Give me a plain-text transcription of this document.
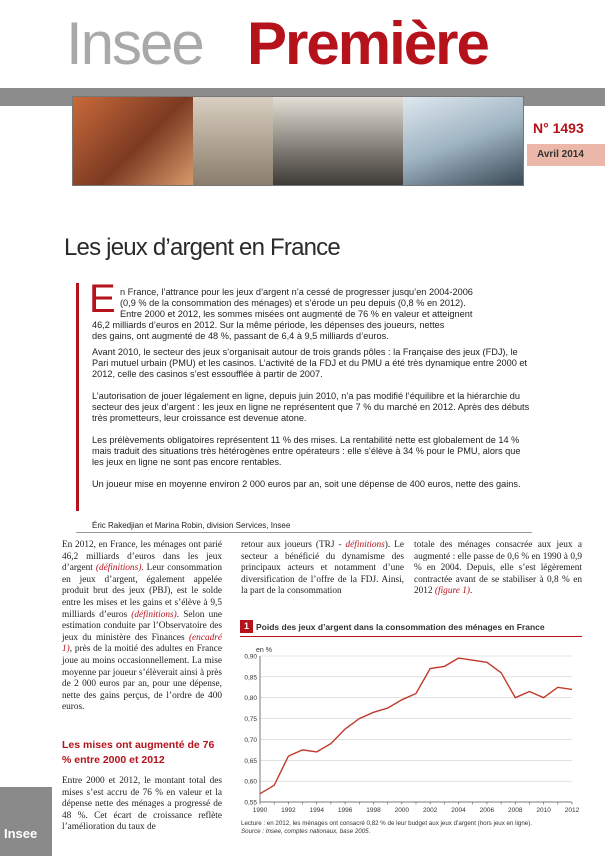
Insee Première
N° 1493
Avril 2014
Les jeux d’argent en France
E n France, l’attrance pour les jeux d’argent n’a cessé de progresser jusqu’en 2004-2006
(0,9 % de la consommation des ménages) et s’érode un peu depuis (0,8 % en 2012).
Entre 2000 et 2012, les sommes misées ont augmenté de 76 % en valeur et atteignent
46,2 milliards d’euros en 2012. Sur la même période, les dépenses des joueurs, nettes
des gains, ont augmenté de 48 %, passant de 6,4 à 9,5 milliards d’euros.
Avant 2010, le secteur des jeux s’organisait autour de trois grands pôles : la Française des jeux (FDJ), le Pari mutuel urbain (PMU) et les casinos. L’activité de la FDJ et du PMU a été très dynamique entre 2000 et 2012, celle des casinos s’est essoufflée à partir de 2007.
L’autorisation de jouer légalement en ligne, depuis juin 2010, n’a pas modifié l’équilibre et la hiérarchie du secteur des jeux d’argent : les jeux en ligne ne représentent que 7 % du marché en 2012. Après des débuts très prometteurs, leur croissance est devenue atone.
Les prélèvements obligatoires représentent 11 % des mises. La rentabilité nette est globalement de 14 % mais traduit des situations très hétérogènes entre opérateurs : elle s’élève à 34 % pour le PMU, alors que les jeux en ligne ne sont pas encore rentables.
Un joueur mise en moyenne environ 2 000 euros par an, soit une dépense de 400 euros, nette des gains.
Éric Rakedjian et Marina Robin, division Services, Insee
En 2012, en France, les ménages ont parié 46,2 milliards d’euros dans les jeux d’argent (définitions). Leur consommation en jeux d’argent, également appelée produit brut des jeux (PBJ), est le solde entre les mises et les gains et s’élève à 9,5 milliards d’euros (définitions). Selon une estimation conduite par l’Observatoire des jeux du ministère des Finances (encadré 1), près de la moitié des adultes en France joue au moins occasionnellement. La mise moyenne par joueur s’élèverait ainsi à près de 2 000 euros par an, pour une dépense, nette des gains perçus, de l’ordre de 400 euros.
Les mises ont augmenté de 76 % entre 2000 et 2012
Entre 2000 et 2012, le montant total des mises s’est accru de 76 % en valeur et la dépense nette des ménages a progressé de 48 %. Cet écart de croissance reflète l’amélioration du taux de
retour aux joueurs (TRJ - définitions). Le secteur a bénéficié du dynamisme des principaux acteurs et notamment d’une diversification de l’offre de la FDJ. Ainsi, la part de la consommation
totale des ménages consacrée aux jeux a augmenté : elle passe de 0,6 % en 1990 à 0,9 % en 2004. Depuis, elle s’est légèrement contractée avant de se stabiliser à 0,8 % en 2012 (figure 1).
1 Poids des jeux d’argent dans la consommation des ménages en France
0,55
0,60
0,65
0,70
0,75
0,80
0,85
0,90
1990 1992 1994 1996 1998 2000 2002 2004 2006 2008 2010 2012
en %
Lecture : en 2012, les ménages ont consacré 0,82 % de leur budget aux jeux d’argent (hors jeux en ligne).
Source : Insee, comptes nationaux, base 2005.
Insee
